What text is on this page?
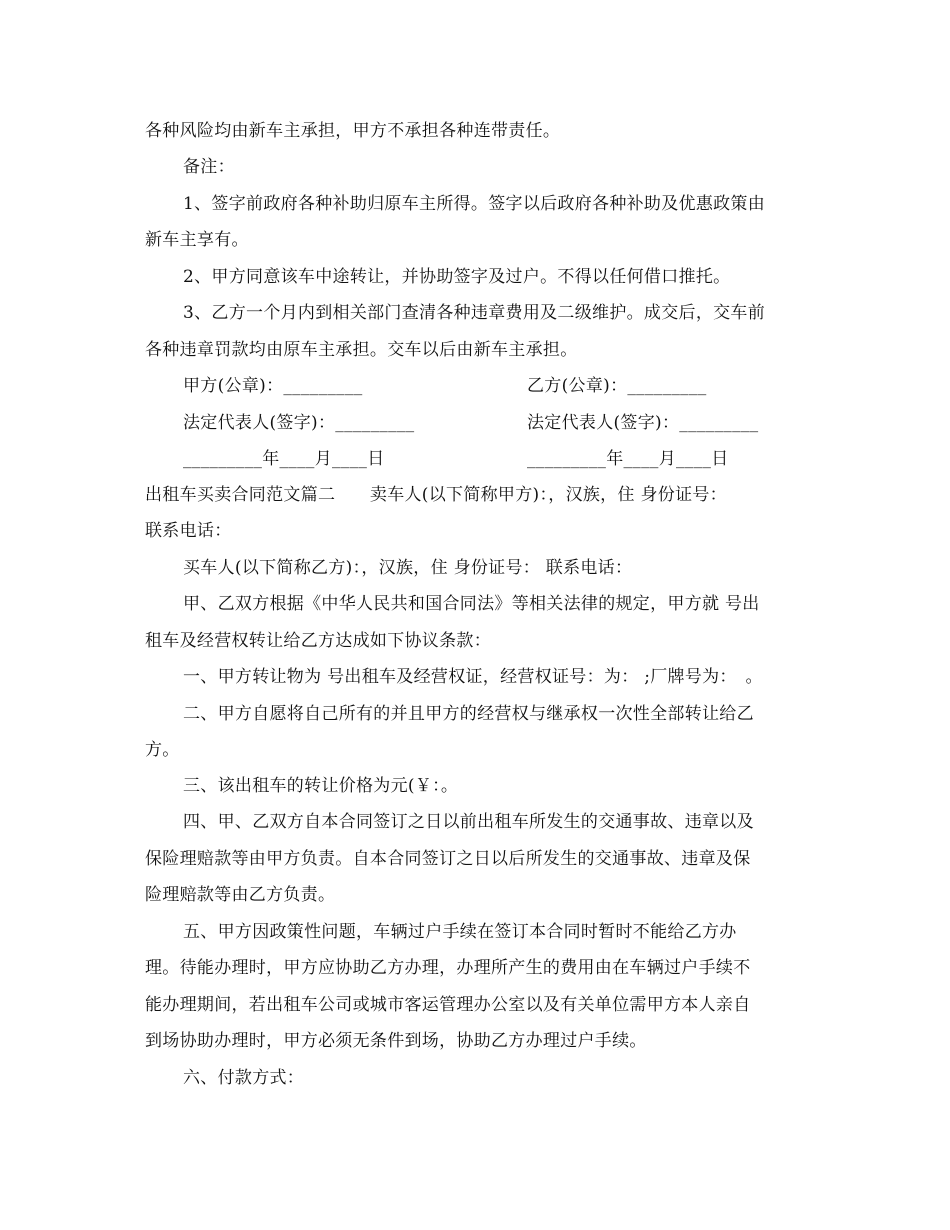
各种风险均由新车主承担，甲方不承担各种连带责任。
备注：
1、签字前政府各种补助归原车主所得。签字以后政府各种补助及优惠政策由
新车主享有。
2、甲方同意该车中途转让，并协助签字及过户。不得以任何借口推托。
3、乙方一个月内到相关部门查清各种违章费用及二级维护。成交后，交车前
各种违章罚款均由原车主承担。交车以后由新车主承担。
甲方(公章)：_________	乙方(公章)：_________
法定代表人(签字)：_________	法定代表人(签字)：_________
_________年____月____日	_________年____月____日
出租车买卖合同范文篇二　　卖车人(以下简称甲方)：，汉族，住 身份证号：
联系电话：
买车人(以下简称乙方)：，汉族，住 身份证号： 联系电话：
甲、乙双方根据《中华人民共和国合同法》等相关法律的规定，甲方就 号出
租车及经营权转让给乙方达成如下协议条款：
一、甲方转让物为 号出租车及经营权证，经营权证号：为： ;厂牌号为：　。
二、甲方自愿将自己所有的并且甲方的经营权与继承权一次性全部转让给乙
方。
三、该出租车的转让价格为元(￥：。
四、甲、乙双方自本合同签订之日以前出租车所发生的交通事故、违章以及
保险理赔款等由甲方负责。自本合同签订之日以后所发生的交通事故、违章及保
险理赔款等由乙方负责。
五、甲方因政策性问题，车辆过户手续在签订本合同时暂时不能给乙方办
理。待能办理时，甲方应协助乙方办理，办理所产生的费用由在车辆过户手续不
能办理期间，若出租车公司或城市客运管理办公室以及有关单位需甲方本人亲自
到场协助办理时，甲方必须无条件到场，协助乙方办理过户手续。
六、付款方式：
